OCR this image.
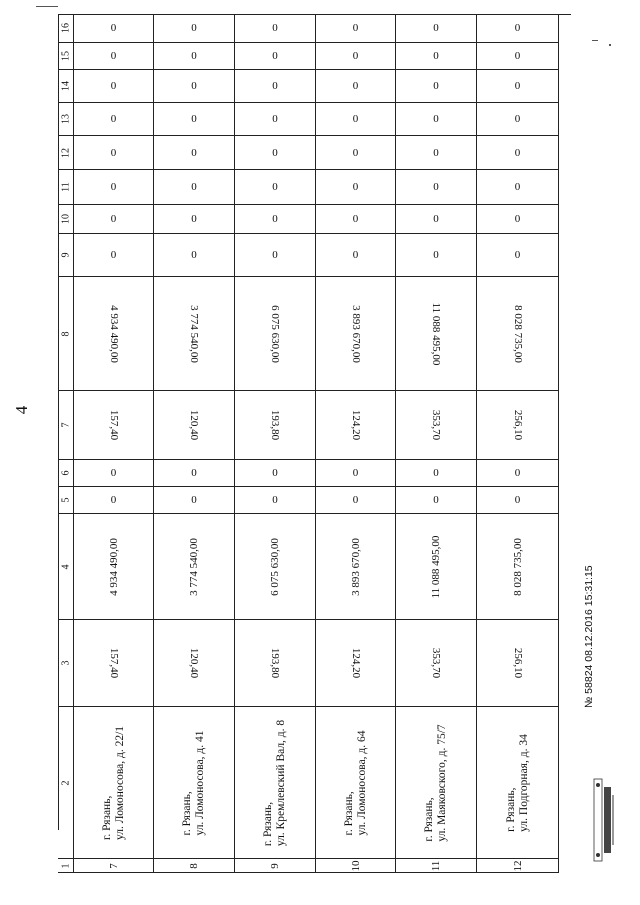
4
16
15
14
13
12
11
10
9
8
7
6
5
4
3
2
1
0
0
0
0
0
0
0
0
4 934 490,00
157,40
0
0
4 934 490,00
157,40
г. Рязань, ул. Ломоносова, д. 22/1
7
0
0
0
0
0
0
0
0
3 774 540,00
120,40
0
0
3 774 540,00
120,40
г. Рязань, ул. Ломоносова, д. 41
8
0
0
0
0
0
0
0
0
6 075 630,00
193,80
0
0
6 075 630,00
193,80
г. Рязань, ул. Кремлевский Вал, д. 8
9
0
0
0
0
0
0
0
0
3 893 670,00
124,20
0
0
3 893 670,00
124,20
г. Рязань, ул. Ломоносова, д. 64
10
0
0
0
0
0
0
0
0
11 088 495,00
353,70
0
0
11 088 495,00
353,70
г. Рязань, ул. Маяковского, д. 75/7
11
0
0
0
0
0
0
0
0
8 028 735,00
256,10
0
0
8 028 735,00
256,10
г. Рязань, ул. Подгорная, д. 34
12
№ 58824 08.12.2016 15:31:15
